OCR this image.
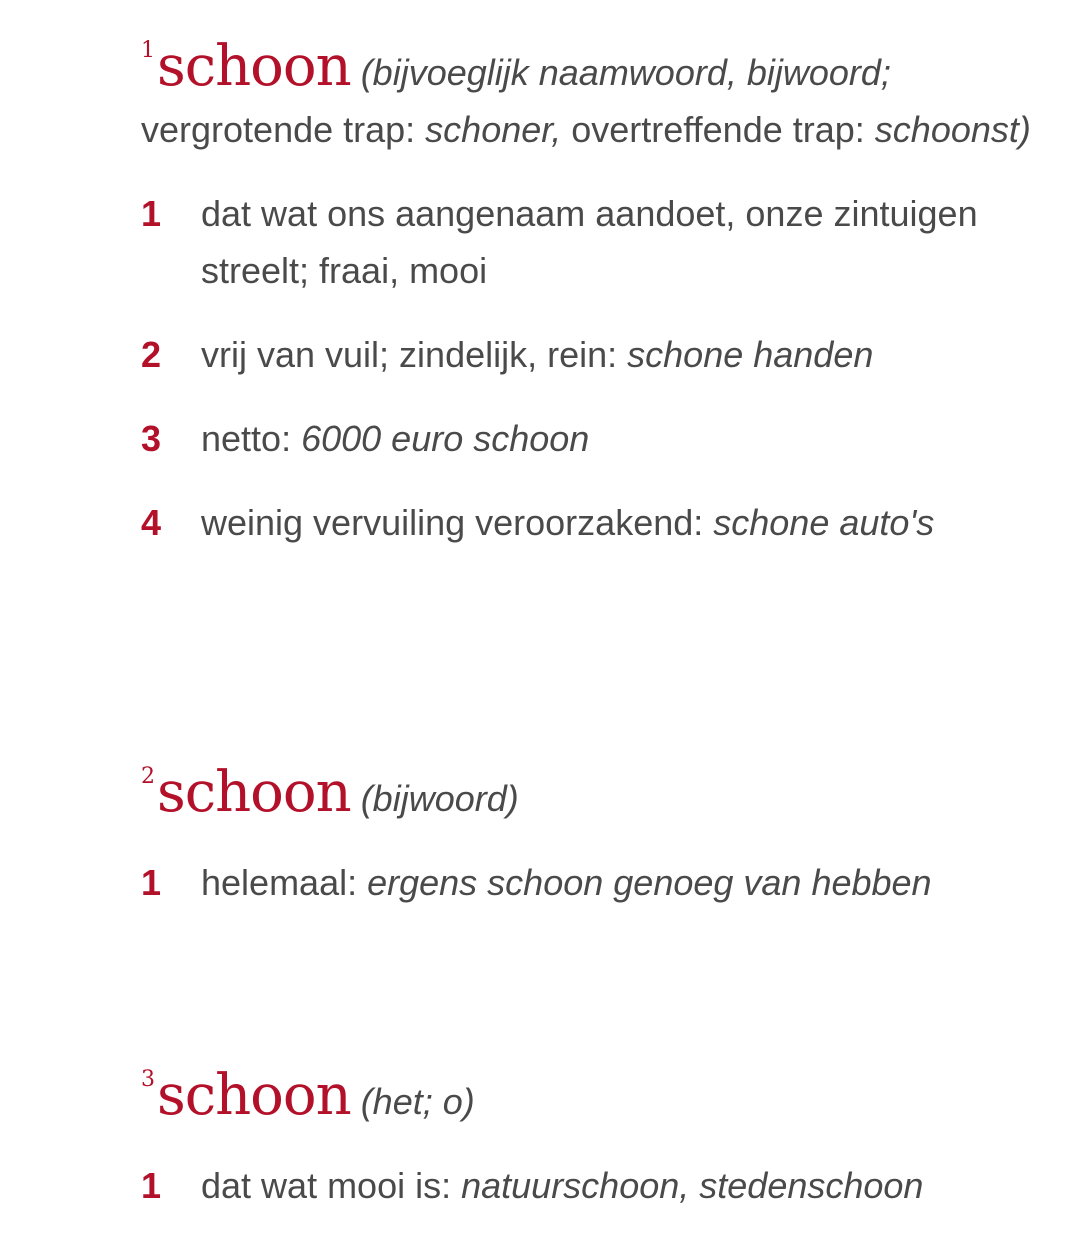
$^1$schoon (bijvoeglijk naamwoord, bijwoord; vergrotende trap: schoner, overtreffende trap: schoonst)

1 dat wat ons aangenaam aandoet, onze zintuigen streelt; fraai, mooi
2 vrij van vuil; zindelijk, rein: schone handen
3 netto: 6000 euro schoon
4 weinig vervuiling veroorzakend: schone auto's

$^2$schoon (bijwoord)

1 helemaal: ergens schoon genoeg van hebben

$^3$schoon (het; o)

1 dat wat mooi is: natuurschoon, stedenschoon
